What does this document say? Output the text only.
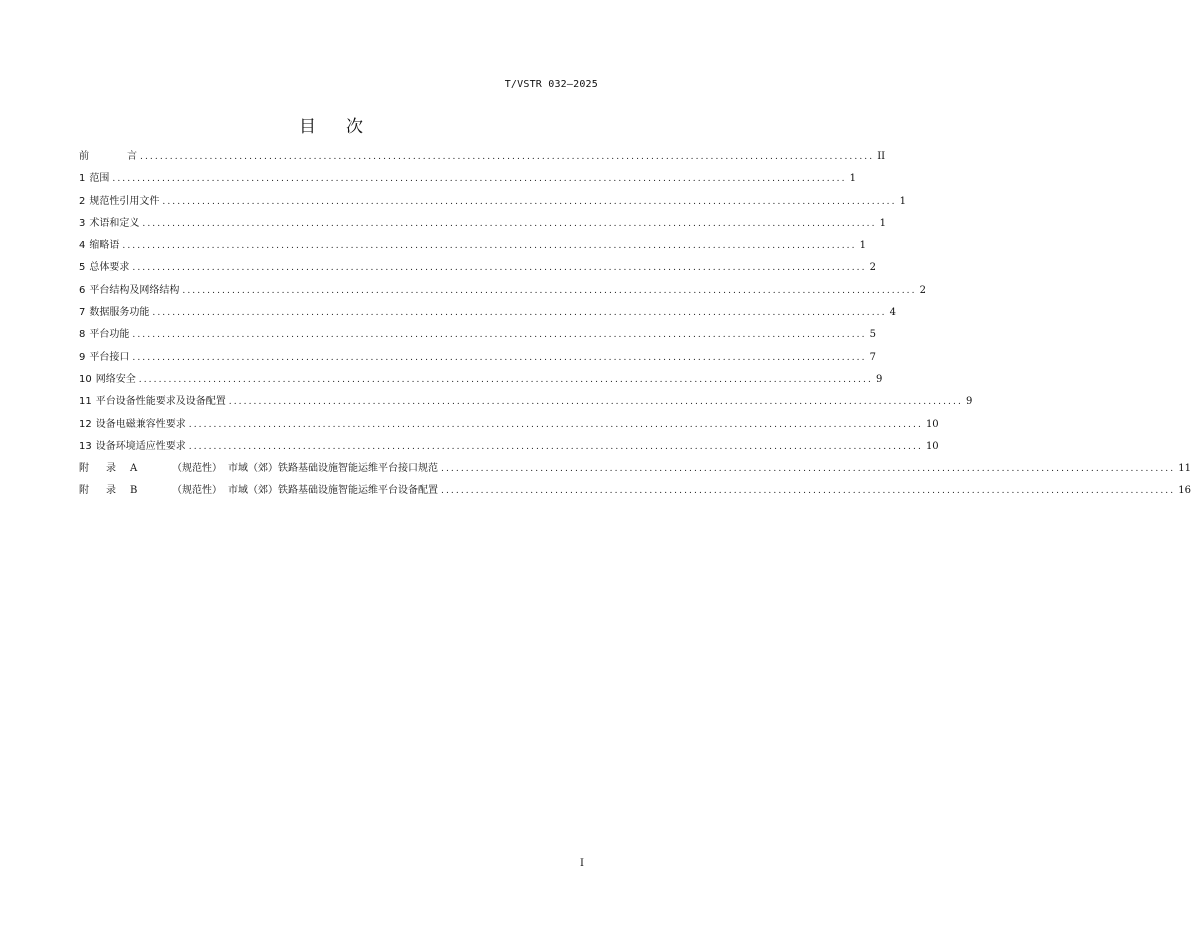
T/VSTR 032—2025
目 次
前	言 .................................................................................................................................................... II
1 范围 .................................................................................................................................................... 1
2 规范性引用文件 .................................................................................................................................................... 1
3 术语和定义 .................................................................................................................................................... 1
4 缩略语 .................................................................................................................................................... 1
5 总体要求 .................................................................................................................................................... 2
6 平台结构及网络结构 .................................................................................................................................................... 2
7 数据服务功能 .................................................................................................................................................... 4
8 平台功能 .................................................................................................................................................... 5
9 平台接口 .................................................................................................................................................... 7
10 网络安全 .................................................................................................................................................... 9
11 平台设备性能要求及设备配置 .................................................................................................................................................... 9
12 设备电磁兼容性要求 .................................................................................................................................................... 10
13 设备环境适应性要求 .................................................................................................................................................... 10
附 录 A	（规范性） 市域（郊）铁路基础设施智能运维平台接口规范 .................................................................................................................................................... 11
附 录 B	（规范性） 市域（郊）铁路基础设施智能运维平台设备配置 .................................................................................................................................................... 16
I
